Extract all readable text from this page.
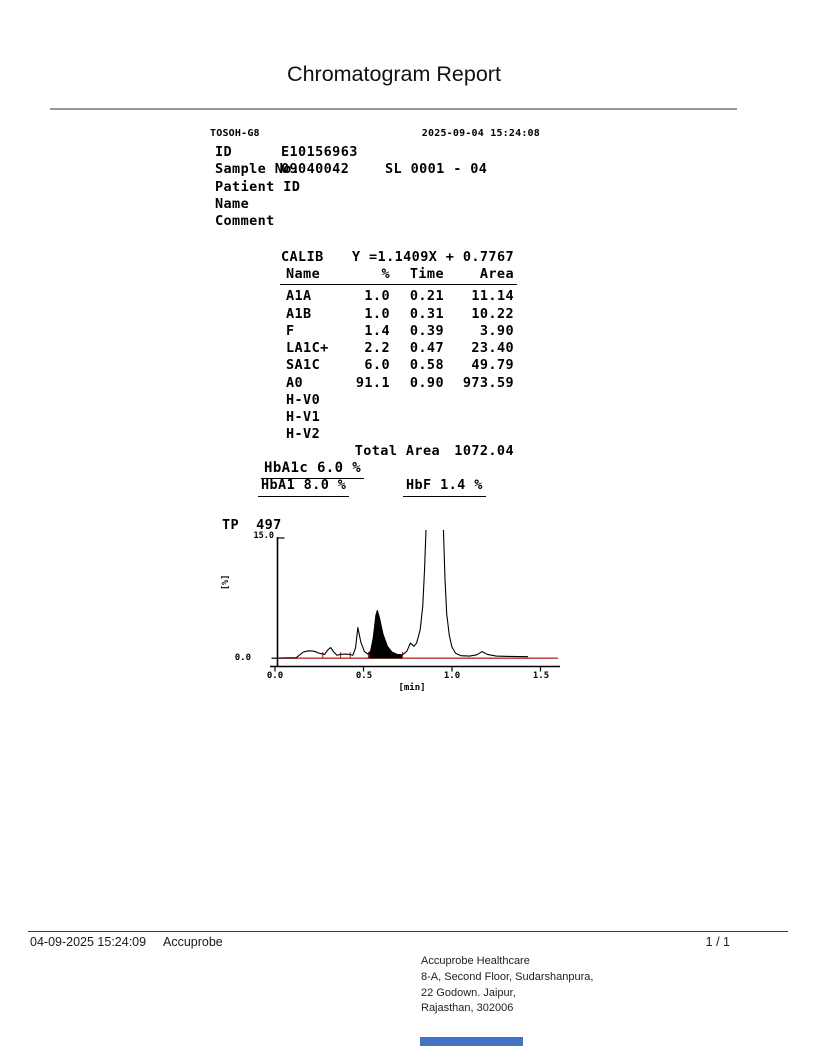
Chromatogram Report
TOSOH-G8	2025-09-04 15:24:08
ID	E10156963
Sample No.
09040042	SL 0001 - 04
Patient ID
Name
Comment
CALIB	Y =1.1409X + 0.7767
Name	%	Time	Area
A1A	1.0	0.21	11.14
A1B	1.0	0.31	10.22
F	1.4	0.39	3.90
LA1C+	2.2	0.47	23.40
SA1C	6.0	0.58	49.79
A0	91.1	0.90	973.59
H-V0
H-V1
H-V2
Total Area	1072.04
HbA1c 6.0 %
HbA1 8.0 %	HbF 1.4 %
TP  497
15.0
[%]
0.0
0.0	0.5	1.0	1.5
[min]
04-09-2025 15:24:09 Accuprobe	1 / 1
Accuprobe Healthcare
8-A, Second Floor, Sudarshanpura,
22 Godown. Jaipur,
Rajasthan, 302006
